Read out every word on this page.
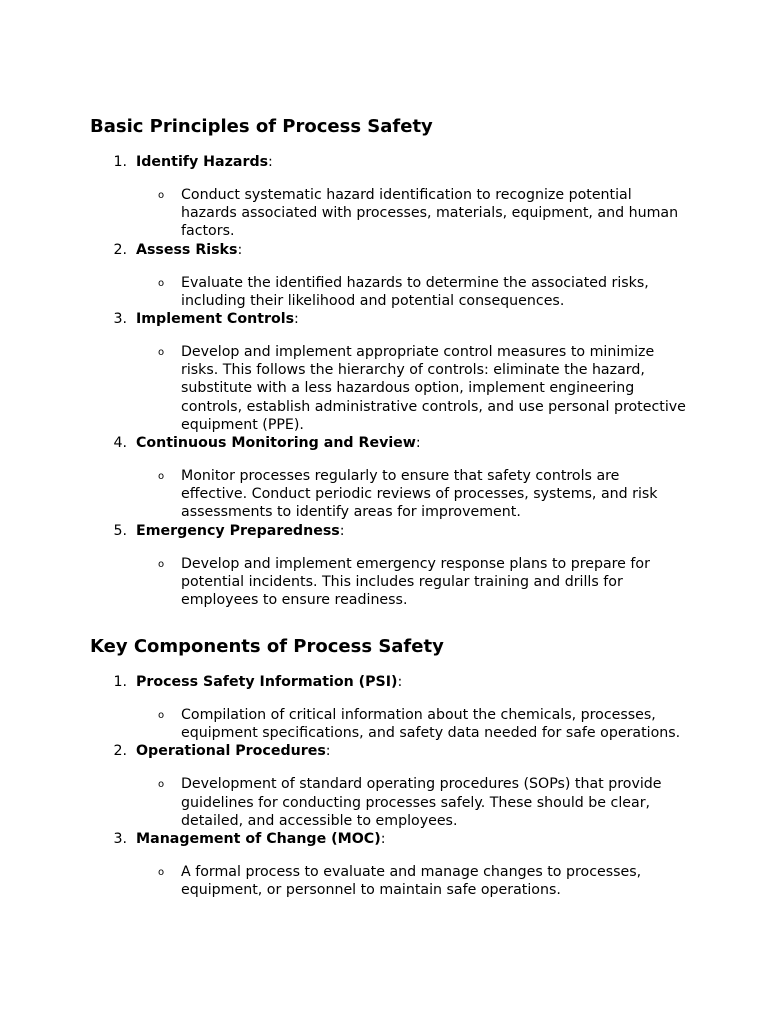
Basic Principles of Process Safety
1. Identify Hazards:
o Conduct systematic hazard identification to recognize potential hazards associated with processes, materials, equipment, and human factors.
2. Assess Risks:
o Evaluate the identified hazards to determine the associated risks, including their likelihood and potential consequences.
3. Implement Controls:
o Develop and implement appropriate control measures to minimize risks. This follows the hierarchy of controls: eliminate the hazard, substitute with a less hazardous option, implement engineering controls, establish administrative controls, and use personal protective equipment (PPE).
4. Continuous Monitoring and Review:
o Monitor processes regularly to ensure that safety controls are effective. Conduct periodic reviews of processes, systems, and risk assessments to identify areas for improvement.
5. Emergency Preparedness:
o Develop and implement emergency response plans to prepare for potential incidents. This includes regular training and drills for employees to ensure readiness.
Key Components of Process Safety
1. Process Safety Information (PSI):
o Compilation of critical information about the chemicals, processes, equipment specifications, and safety data needed for safe operations.
2. Operational Procedures:
o Development of standard operating procedures (SOPs) that provide guidelines for conducting processes safely. These should be clear, detailed, and accessible to employees.
3. Management of Change (MOC):
o A formal process to evaluate and manage changes to processes, equipment, or personnel to maintain safe operations.
